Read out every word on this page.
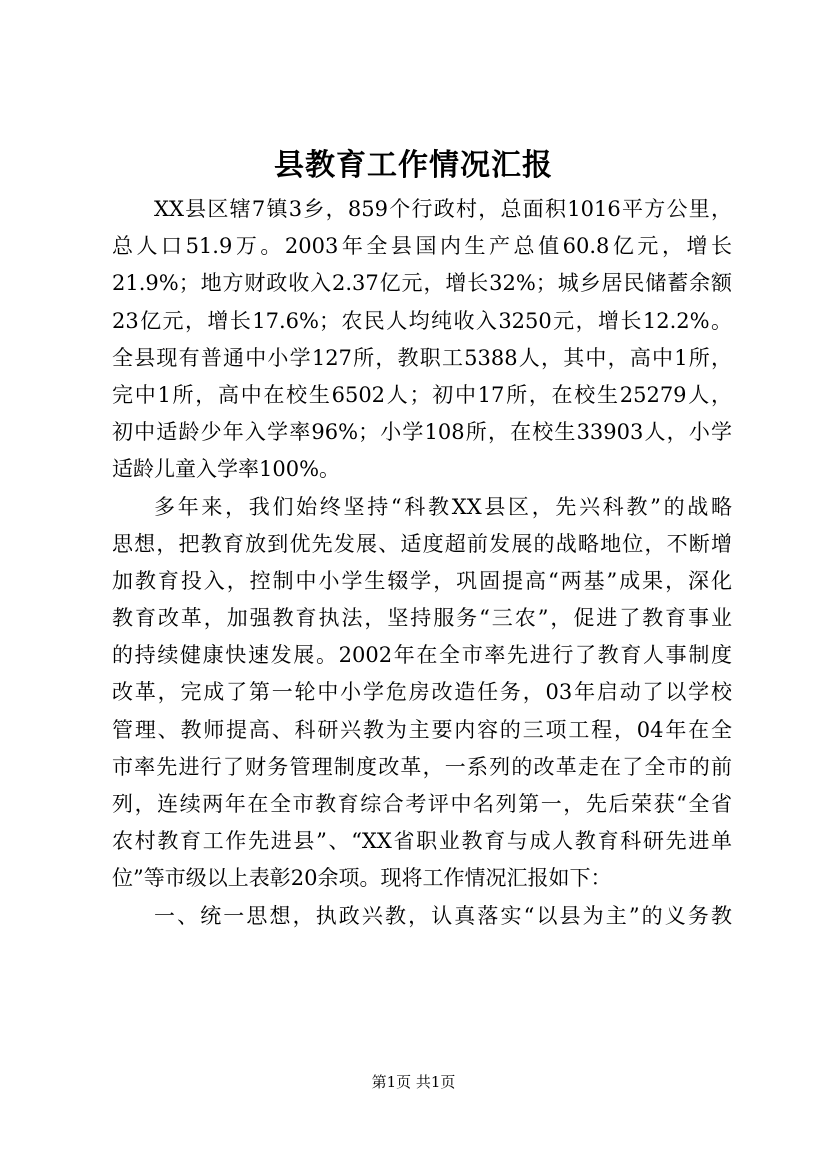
县教育工作情况汇报
XX县区辖7镇3乡，859个行政村，总面积1016平方公里，
总人口51.9万。2003年全县国内生产总值60.8亿元，增长
21.9%；地方财政收入2.37亿元，增长32%；城乡居民储蓄余额
23亿元，增长17.6%；农民人均纯收入3250元，增长12.2%。
全县现有普通中小学127所，教职工5388人，其中，高中1所，
完中1所，高中在校生6502人；初中17所，在校生25279人，
初中适龄少年入学率96%；小学108所，在校生33903人，小学
适龄儿童入学率100%。
多年来，我们始终坚持“科教XX县区，先兴科教”的战略
思想，把教育放到优先发展、适度超前发展的战略地位，不断增
加教育投入，控制中小学生辍学，巩固提高“两基”成果，深化
教育改革，加强教育执法，坚持服务“三农”，促进了教育事业
的持续健康快速发展。2002年在全市率先进行了教育人事制度
改革，完成了第一轮中小学危房改造任务，03年启动了以学校
管理、教师提高、科研兴教为主要内容的三项工程，04年在全
市率先进行了财务管理制度改革，一系列的改革走在了全市的前
列，连续两年在全市教育综合考评中名列第一，先后荣获“全省
农村教育工作先进县”、“XX省职业教育与成人教育科研先进单
位”等市级以上表彰20余项。现将工作情况汇报如下：
一、统一思想，执政兴教，认真落实“以县为主”的义务教
第1页 共1页
